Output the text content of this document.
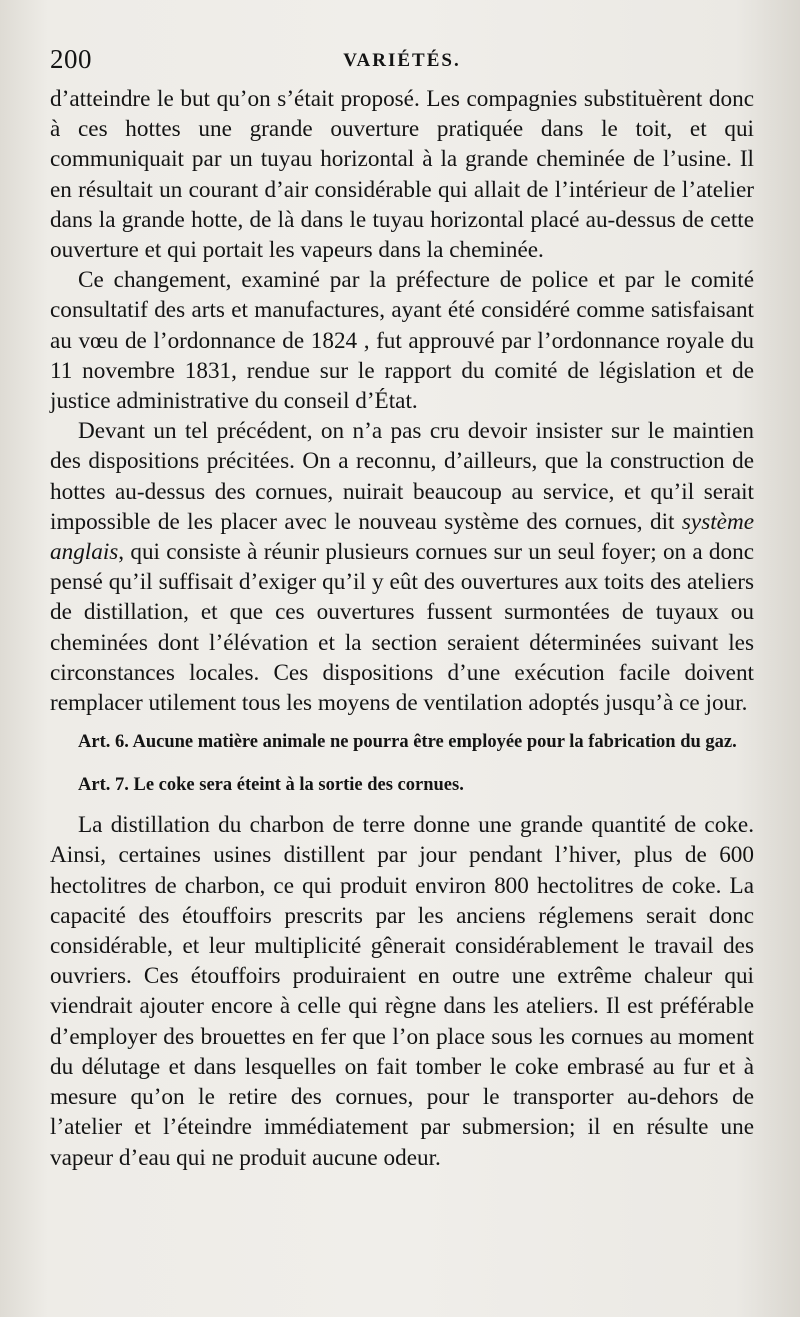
200	VARIÉTÉS.

d’atteindre le but qu’on s’était proposé. Les compagnies substituèrent donc à ces hottes une grande ouverture pratiquée dans le toit, et qui communiquait par un tuyau horizontal à la grande cheminée de l’usine. Il en résultait un courant d’air considérable qui allait de l’intérieur de l’atelier dans la grande hotte, de là dans le tuyau horizontal placé au-dessus de cette ouverture et qui portait les vapeurs dans la cheminée.

Ce changement, examiné par la préfecture de police et par le comité consultatif des arts et manufactures, ayant été considéré comme satisfaisant au vœu de l’ordonnance de 1824 , fut approuvé par l’ordonnance royale du 11 novembre 1831, rendue sur le rapport du comité de législation et de justice administrative du conseil d’État.

Devant un tel précédent, on n’a pas cru devoir insister sur le maintien des dispositions précitées. On a reconnu, d’ailleurs, que la construction de hottes au-dessus des cornues, nuirait beaucoup au service, et qu’il serait impossible de les placer avec le nouveau système des cornues, dit système anglais, qui consiste à réunir plusieurs cornues sur un seul foyer; on a donc pensé qu’il suffisait d’exiger qu’il y eût des ouvertures aux toits des ateliers de distillation, et que ces ouvertures fussent surmontées de tuyaux ou cheminées dont l’élévation et la section seraient déterminées suivant les circonstances locales. Ces dispositions d’une exécution facile doivent remplacer utilement tous les moyens de ventilation adoptés jusqu’à ce jour.

Art. 6. Aucune matière animale ne pourra être employée pour la fabrication du gaz.

Art. 7. Le coke sera éteint à la sortie des cornues.

La distillation du charbon de terre donne une grande quantité de coke. Ainsi, certaines usines distillent par jour pendant l’hiver, plus de 600 hectolitres de charbon, ce qui produit environ 800 hectolitres de coke. La capacité des étouffoirs prescrits par les anciens réglemens serait donc considérable, et leur multiplicité gênerait considérablement le travail des ouvriers. Ces étouffoirs produiraient en outre une extrême chaleur qui viendrait ajouter encore à celle qui règne dans les ateliers. Il est préférable d’employer des brouettes en fer que l’on place sous les cornues au moment du délutage et dans lesquelles on fait tomber le coke embrasé au fur et à mesure qu’on le retire des cornues, pour le transporter au-dehors de l’atelier et l’éteindre immédiatement par submersion; il en résulte une vapeur d’eau qui ne produit aucune odeur.
